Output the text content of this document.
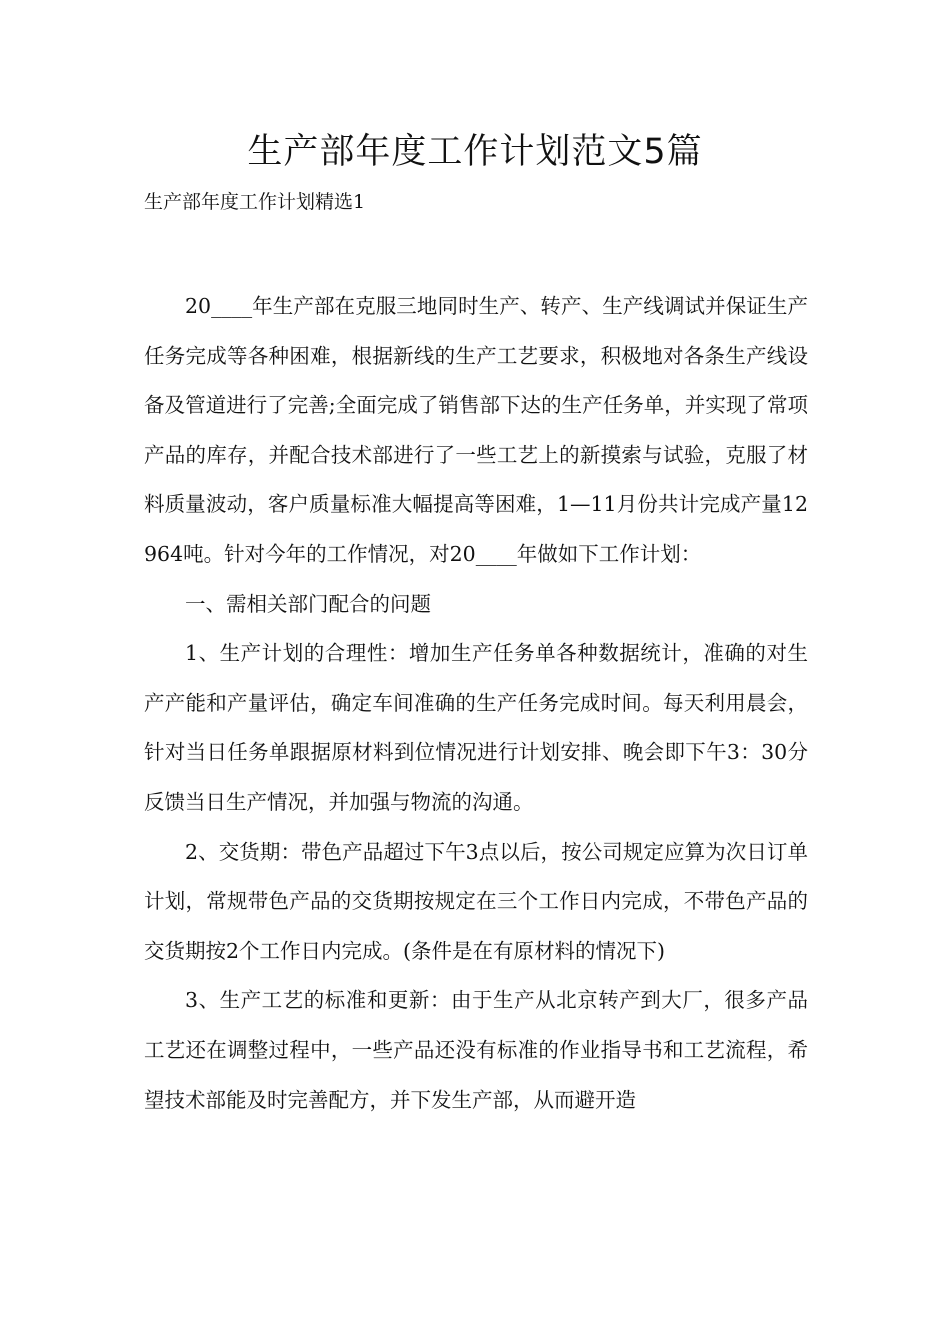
生产部年度工作计划范文5篇
生产部年度工作计划精选1

20____年生产部在克服三地同时生产、转产、生产线调试并保证生产任务完成等各种困难，根据新线的生产工艺要求，积极地对各条生产线设备及管道进行了完善;全面完成了销售部下达的生产任务单，并实现了常项产品的库存，并配合技术部进行了一些工艺上的新摸索与试验，克服了材料质量波动，客户质量标准大幅提高等困难，1—11月份共计完成产量12964吨。针对今年的工作情况，对20____年做如下工作计划：

一、需相关部门配合的问题

1、生产计划的合理性：增加生产任务单各种数据统计，准确的对生产产能和产量评估，确定车间准确的生产任务完成时间。每天利用晨会，针对当日任务单跟据原材料到位情况进行计划安排、晚会即下午3：30分反馈当日生产情况，并加强与物流的沟通。

2、交货期：带色产品超过下午3点以后，按公司规定应算为次日订单计划，常规带色产品的交货期按规定在三个工作日内完成，不带色产品的交货期按2个工作日内完成。(条件是在有原材料的情况下)

3、生产工艺的标准和更新：由于生产从北京转产到大厂，很多产品工艺还在调整过程中，一些产品还没有标准的作业指导书和工艺流程，希望技术部能及时完善配方，并下发生产部，从而避开造
